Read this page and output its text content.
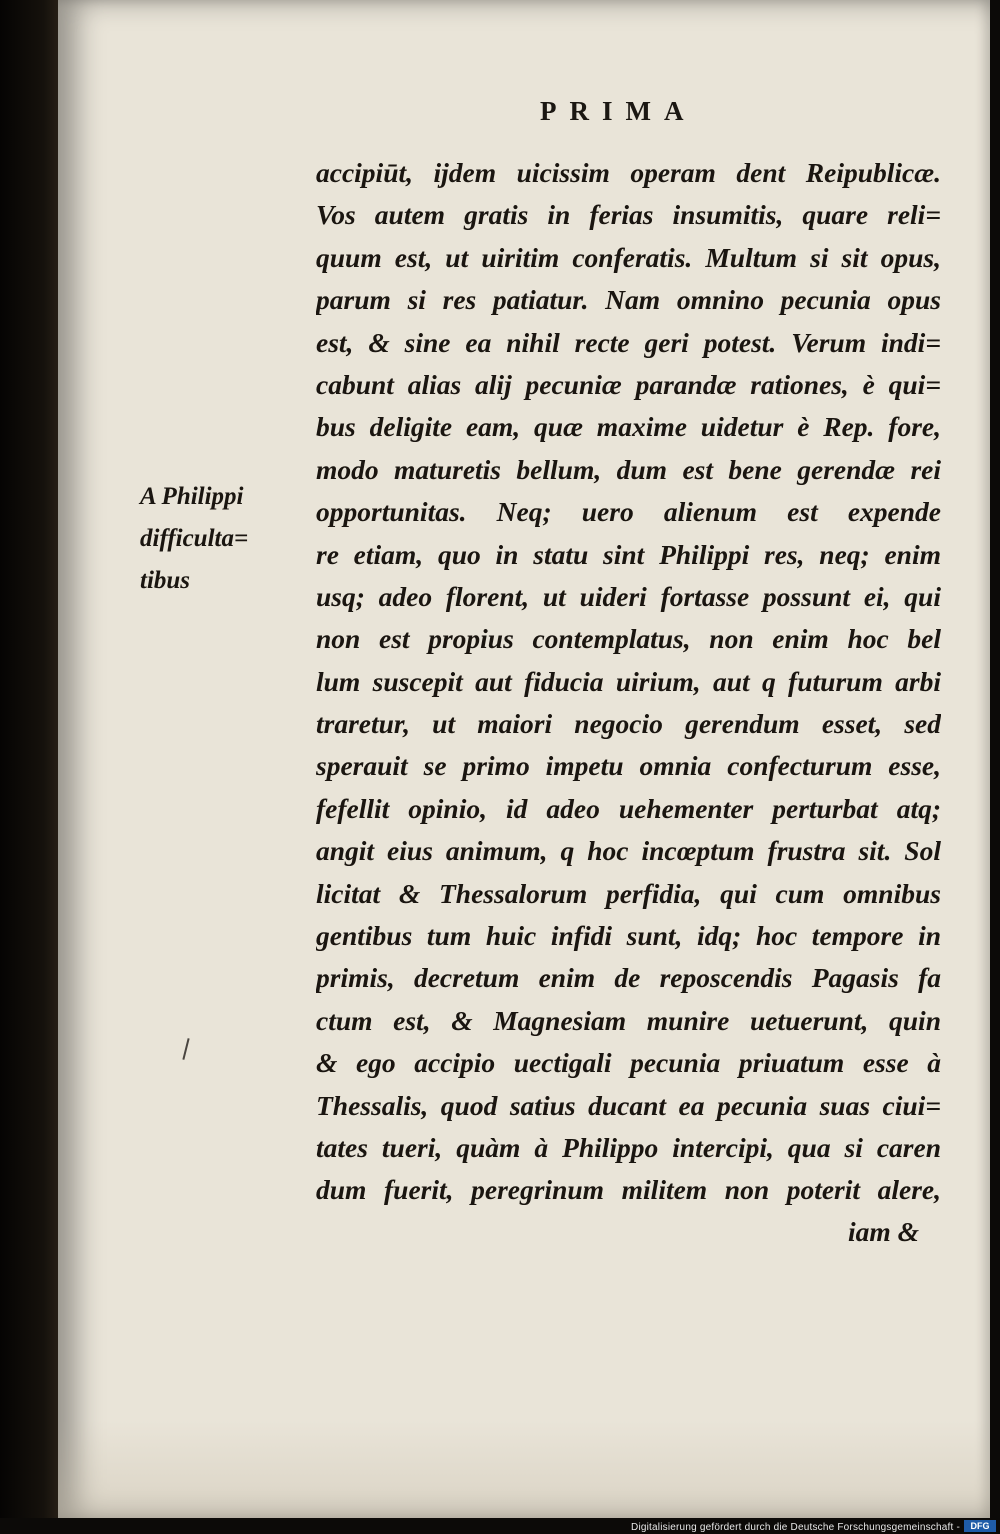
PRIMA
A Philippi
difficulta=
tibus
accipiūt, ijdem uicissim operam dent Reipublicæ.
Vos autem gratis in ferias insumitis, quare reli=
quum est, ut uiritim conferatis. Multum si sit opus,
parum si res patiatur. Nam omnino pecunia opus
est, & sine ea nihil recte geri potest. Verum indi=
cabunt alias alij pecuniæ parandæ rationes, è qui=
bus deligite eam, quæ maxime uidetur è Rep. fore,
modo maturetis bellum, dum est bene gerendæ rei
opportunitas. Neq; uero alienum est expende
re etiam, quo in statu sint Philippi res, neq; enim
usq; adeo florent, ut uideri fortasse possunt ei, qui
non est propius contemplatus, non enim hoc bel
lum suscepit aut fiducia uirium, aut q futurum arbi
traretur, ut maiori negocio gerendum esset, sed
sperauit se primo impetu omnia confecturum esse,
fefellit opinio, id adeo uehementer perturbat atq;
angit eius animum, q hoc incœptum frustra sit. Sol
licitat & Thessalorum perfidia, qui cum omnibus
gentibus tum huic infidi sunt, idq; hoc tempore in
primis, decretum enim de reposcendis Pagasis fa
ctum est, & Magnesiam munire uetuerunt, quin
& ego accipio uectigali pecunia priuatum esse à
Thessalis, quod satius ducant ea pecunia suas ciui=
tates tueri, quàm à Philippo intercipi, qua si caren
dum fuerit, peregrinum militem non poterit alere,
iam &
Digitalisierung gefördert durch die Deutsche Forschungsgemeinschaft -	DFG
